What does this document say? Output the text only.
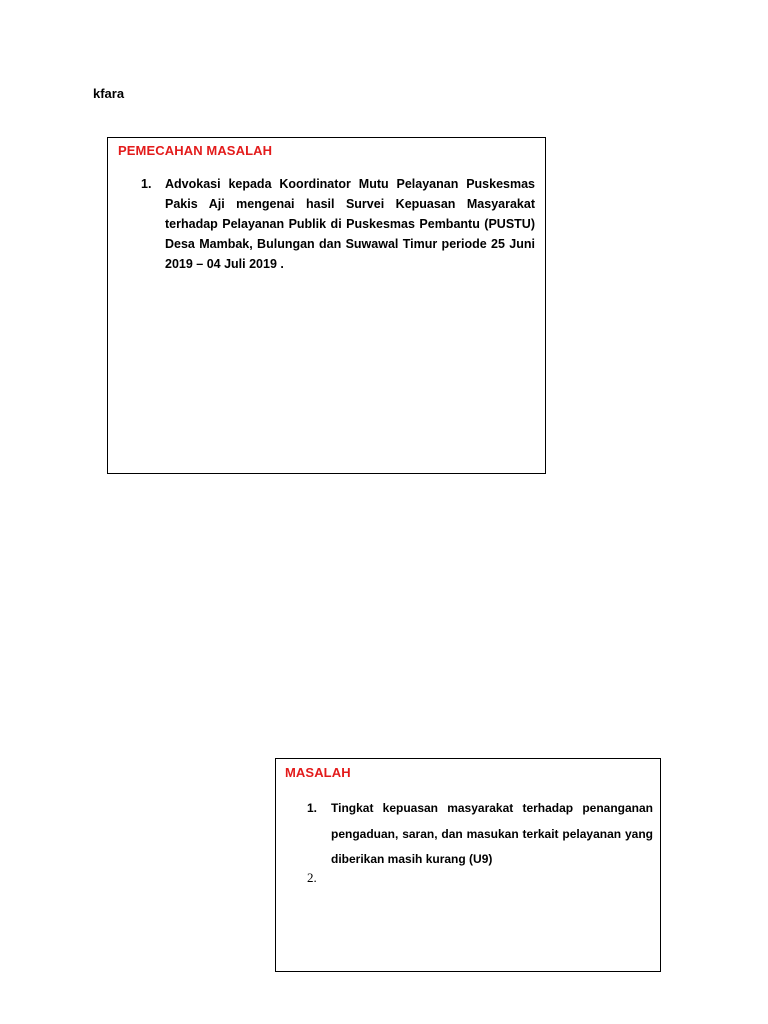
kfara
PEMECAHAN MASALAH
1.	Advokasi kepada Koordinator Mutu Pelayanan Puskesmas Pakis Aji mengenai hasil Survei Kepuasan Masyarakat terhadap Pelayanan Publik di Puskesmas Pembantu (PUSTU) Desa Mambak, Bulungan dan Suwawal Timur periode 25 Juni 2019 – 04 Juli 2019 .
MASALAH
1.	Tingkat kepuasan masyarakat terhadap penanganan pengaduan, saran, dan masukan terkait pelayanan yang diberikan masih kurang (U9)
2.
